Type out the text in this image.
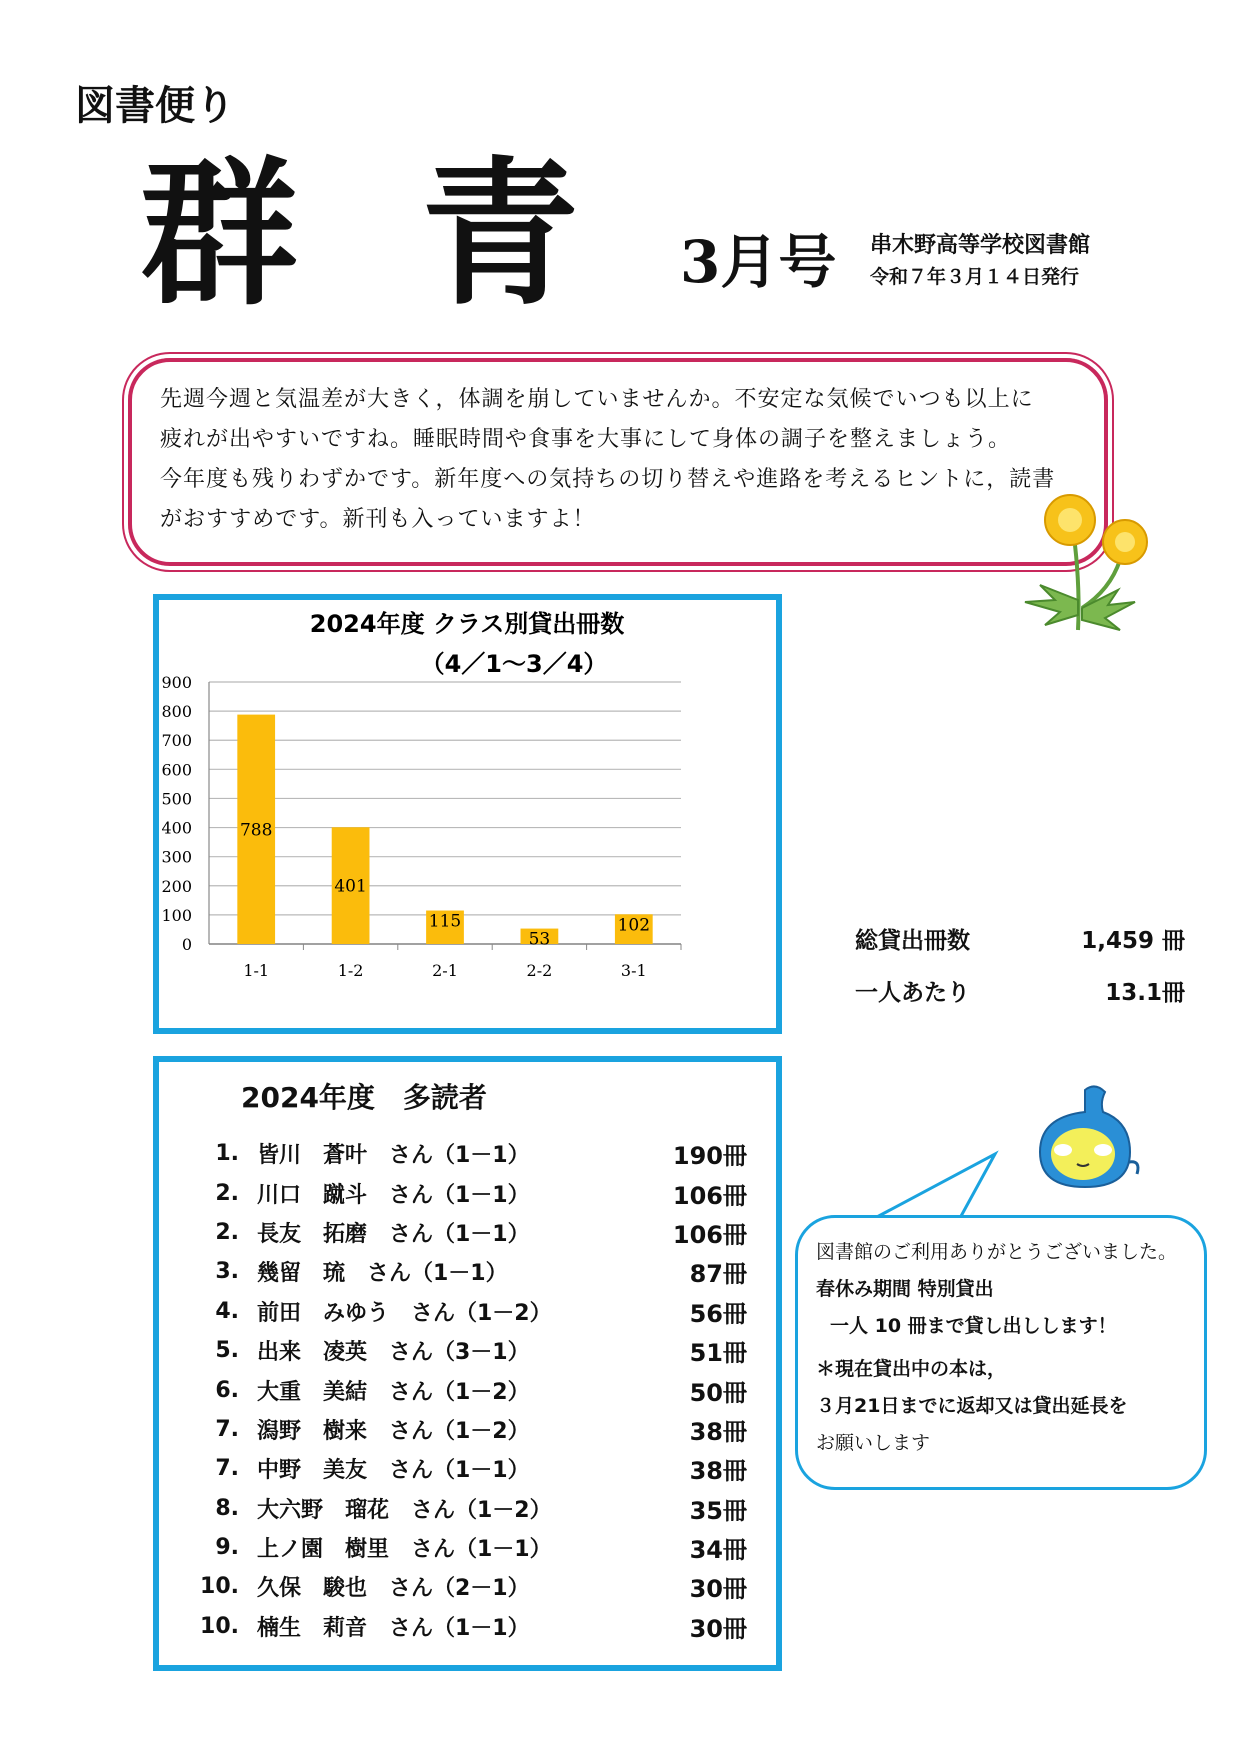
図書便り
群 青 3月号 串木野高等学校図書館
令和７年３月１４日発行

先週今週と気温差が大きく，体調を崩していませんか。不安定な気候でいつも以上に

疲れが出やすいですね。睡眠時間や食事を大事にして身体の調子を整えましょう。

今年度も残りわずかです。新年度への気持ちの切り替えや進路を考えるヒントに，読書

がおすすめです。新刊も入っていますよ！

2024年度 クラス別貸出冊数
（4／1～3／4）
0
100
200
300
400
500
600
700
800
900
788
1-1
401
1-2
115
2-1
53
2-2
102
3-1
総貸出冊数	1,459 冊
一人あたり	13.1冊
2024年度　多読者
1. 皆川　蒼叶　さん（1－1）	190冊
2. 川口　蹴斗　さん（1－1）	106冊
2. 長友　拓磨　さん（1－1）	106冊
3. 幾留　琉　さん（1－1）	87冊
4. 前田　みゆう　さん（1－2）	56冊
5. 出来　凌英　さん（3－1）	51冊
6. 大重　美結　さん（1－2）	50冊
7. 潟野　樹来　さん（1－2）	38冊
7. 中野　美友　さん（1－1）	38冊
8. 大六野　瑠花　さん（1－2）	35冊
9. 上ノ園　樹里　さん（1－1）	34冊
10. 久保　駿也　さん（2－1）	30冊
10. 楠生　莉音　さん（1－1）	30冊

図書館のご利用ありがとうございました。

春休み期間 特別貸出

一人 10 冊まで貸し出しします！

＊現在貸出中の本は，

３月21日までに返却又は貸出延長を

お願いします
